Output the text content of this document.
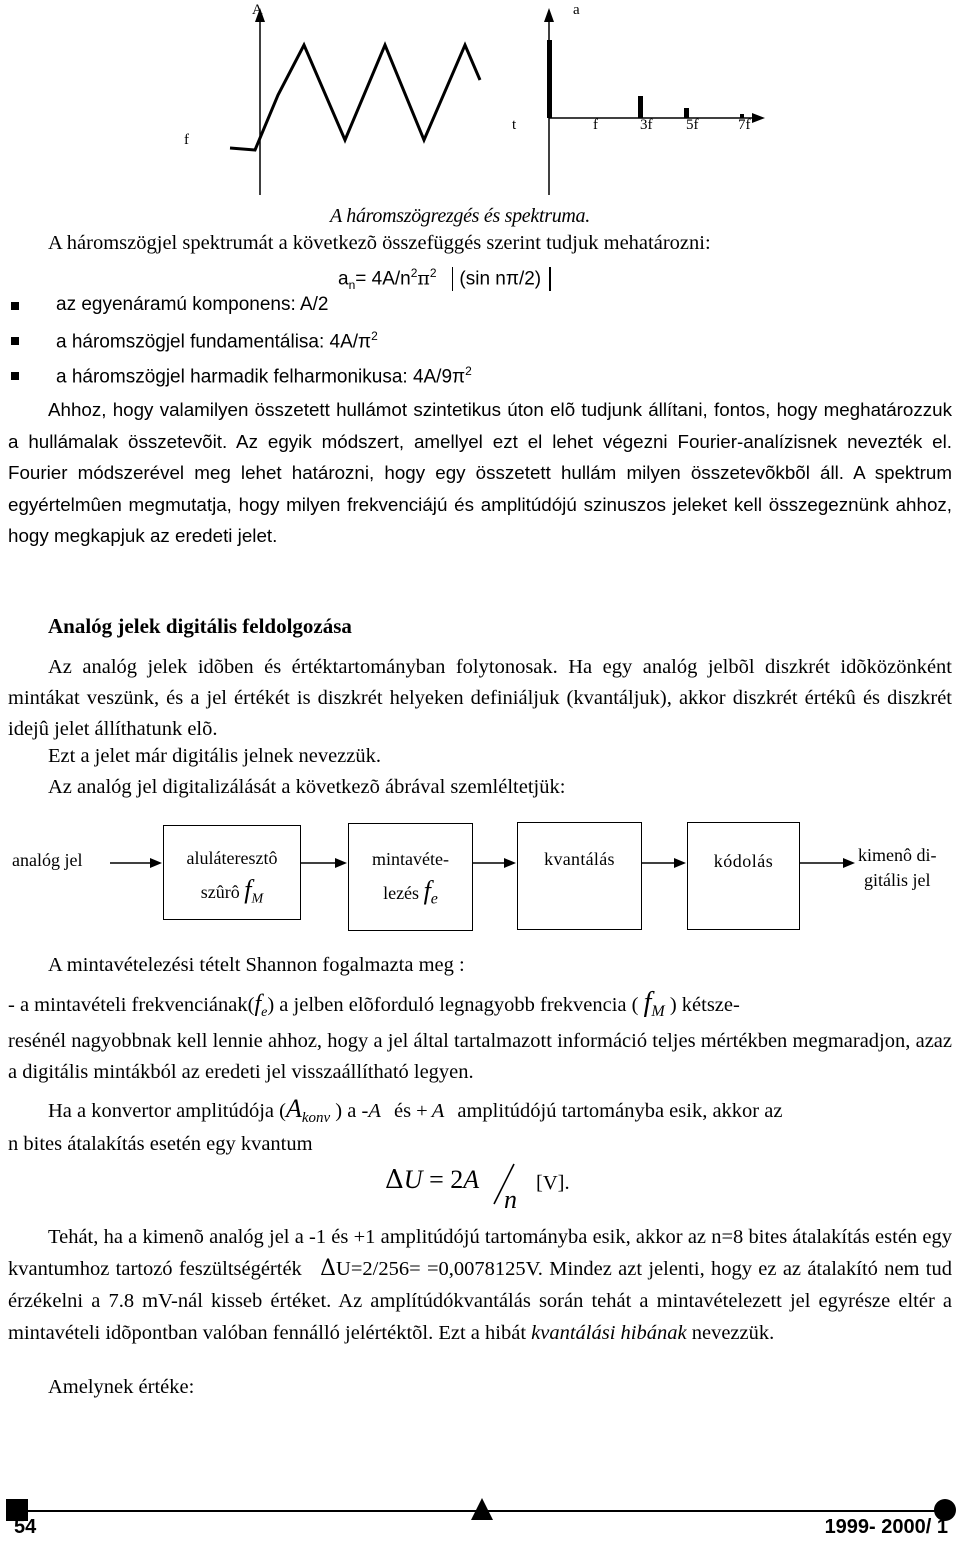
A
f
a
t	f	3f 5f	7f
A háromszögrezgés és spektruma.
A háromszögjel spektrumát a következõ összefüggés szerint tudjuk mehatározni:
$a_n= 4A/n^2\pi^2$ (sin nπ/2)
az egyenáramú komponens: A/2
a háromszögjel fundamentálisa: $4A/\pi^2$
a háromszögjel harmadik felharmonikusa: $4A/9\pi^2$
Ahhoz, hogy valamilyen összetett hullámot szintetikus úton elõ tudjunk állítani, fontos, hogy meghatározzuk a hullámalak összetevõit. Az egyik módszert, amellyel ezt el lehet végezni Fourier-analízisnek nevezték el. Fourier módszerével meg lehet határozni, hogy egy összetett hullám milyen összetevõkbõl áll. A spektrum egyértelmûen megmutatja, hogy milyen frekvenciájú és amplitúdójú szinuszos jeleket kell összegeznünk ahhoz, hogy megkapjuk az eredeti jelet.
Analóg jelek digitális feldolgozása
Az analóg jelek idõben és értéktartományban folytonosak. Ha egy analóg jelbõl diszkrét idõközönként mintákat veszünk, és a jel értékét is diszkrét helyeken definiáljuk (kvantáljuk), akkor diszkrét értékû és diszkrét idejû jelet állíthatunk elõ.
Ezt a jelet már digitális jelnek nevezzük.
Az analóg jel digitalizálását a következõ ábrával szemléltetjük:
analóg jel	aluláteresztô
szûrô $f_M$
mintavéte-
lezés $f_e$
kvantálás	kódolás	kimenô di-
gitális jel
A mintavételezési tételt Shannon fogalmazta meg :
- a mintavételi $frekvenciának(f_e)$ a jelben elõforduló legnagyobb frekvencia ( $f_M$ ) kétsze-
resénél nagyobbnak kell lennie ahhoz, hogy a jel által tartalmazott információ teljes mértékben megmaradjon, azaz a digitális mintákból az eredeti jel visszaállítható legyen.
Ha a konvertor amplitúdója ($A_{konv}$ ) a -A és + A amplitúdójú tartományba esik, akkor az
n bites átalakítás esetén egy kvantum
ΔU = 2A
n
[V].
Tehát, ha a kimenõ analóg jel a -1 és +1 amplitúdójú tartományba esik, akkor az n=8 bites átalakítás estén egy kvantumhoz tartozó feszültségérték ΔU=2/256= =0,0078125V. Mindez azt jelenti, hogy ez az átalakító nem tud érzékelni a 7.8 mV-nál kisseb értéket. Az amplítúdókvantálás során tehát a mintavételezett jel egyrésze eltér a mintavételi idõpontban valóban fennálló jelértéktõl. Ezt a hibát kvantálási hibának nevezzük.
Amelynek értéke:
54	1999- 2000/ 1
